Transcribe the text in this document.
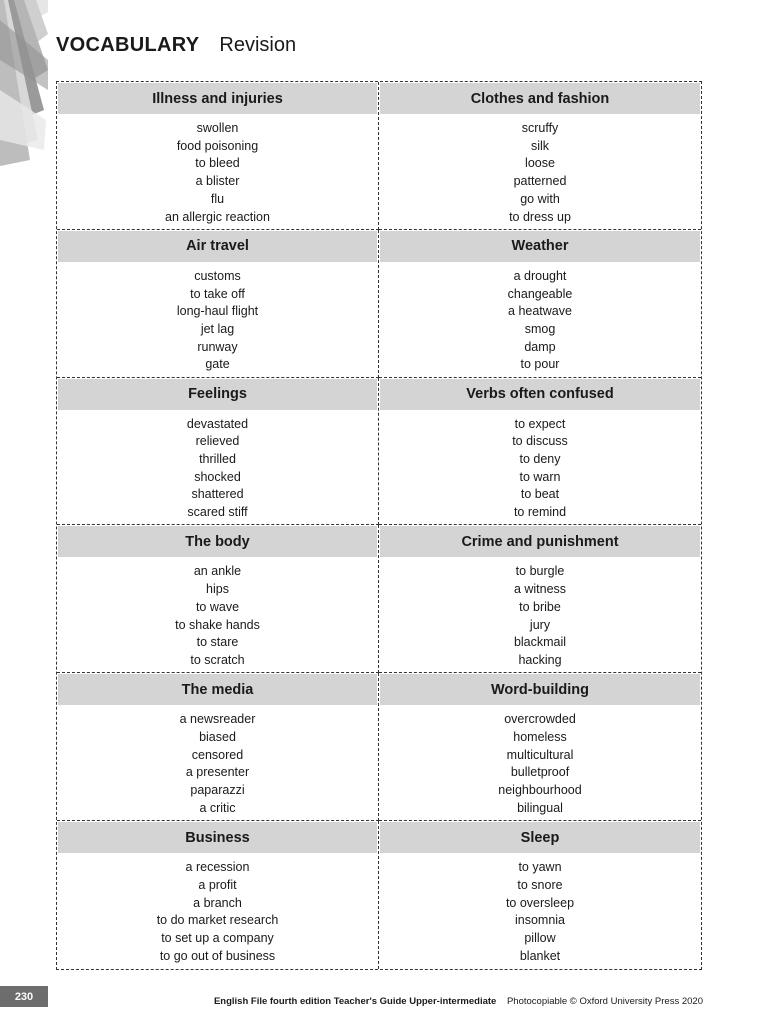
VOCABULARY Revision
Illness and injuries
swollen
food poisoning
to bleed
a blister
flu
an allergic reaction
Clothes and fashion
scruffy
silk
loose
patterned
go with
to dress up
Air travel
customs
to take off
long-haul flight
jet lag
runway
gate
Weather
a drought
changeable
a heatwave
smog
damp
to pour
Feelings
devastated
relieved
thrilled
shocked
shattered
scared stiff
Verbs often confused
to expect
to discuss
to deny
to warn
to beat
to remind
The body
an ankle
hips
to wave
to shake hands
to stare
to scratch
Crime and punishment
to burgle
a witness
to bribe
jury
blackmail
hacking
The media
a newsreader
biased
censored
a presenter
paparazzi
a critic
Word-building
overcrowded
homeless
multicultural
bulletproof
neighbourhood
bilingual
Business
a recession
a profit
a branch
to do market research
to set up a company
to go out of business
Sleep
to yawn
to snore
to oversleep
insomnia
pillow
blanket
230	English File fourth edition Teacher's Guide Upper-intermediate Photocopiable © Oxford University Press 2020
